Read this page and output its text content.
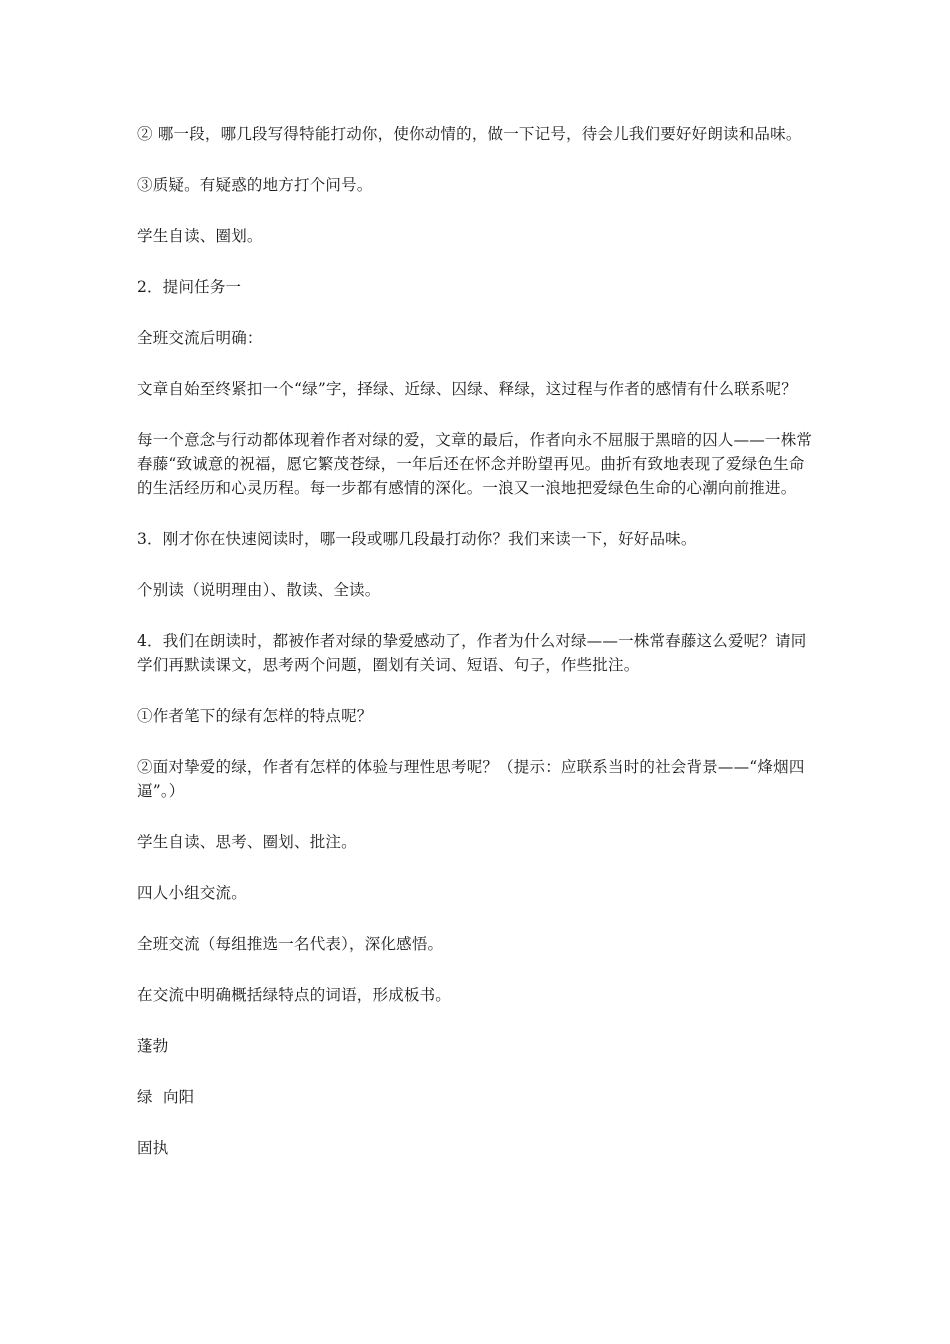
② 哪一段，哪几段写得特能打动你，使你动情的，做一下记号，待会儿我们要好好朗读和品味。

③质疑。有疑惑的地方打个问号。

学生自读、圈划。

2．提问任务一

全班交流后明确：

文章自始至终紧扣一个“绿”字，择绿、近绿、囚绿、释绿，这过程与作者的感情有什么联系呢？

每一个意念与行动都体现着作者对绿的爱，文章的最后，作者向永不屈服于黑暗的囚人——一株常春藤“致诚意的祝福，愿它繁茂苍绿，一年后还在怀念并盼望再见。曲折有致地表现了爱绿色生命的生活经历和心灵历程。每一步都有感情的深化。一浪又一浪地把爱绿色生命的心潮向前推进。

3．刚才你在快速阅读时，哪一段或哪几段最打动你？我们来读一下，好好品味。

个别读（说明理由）、散读、全读。

4．我们在朗读时，都被作者对绿的挚爱感动了，作者为什么对绿——一株常春藤这么爱呢？请同学们再默读课文，思考两个问题，圈划有关词、短语、句子，作些批注。

①作者笔下的绿有怎样的特点呢？

②面对挚爱的绿，作者有怎样的体验与理性思考呢？（提示：应联系当时的社会背景——“烽烟四逼”。）

学生自读、思考、圈划、批注。

四人小组交流。

全班交流（每组推选一名代表），深化感悟。

在交流中明确概括绿特点的词语，形成板书。

蓬勃

绿  向阳

固执
